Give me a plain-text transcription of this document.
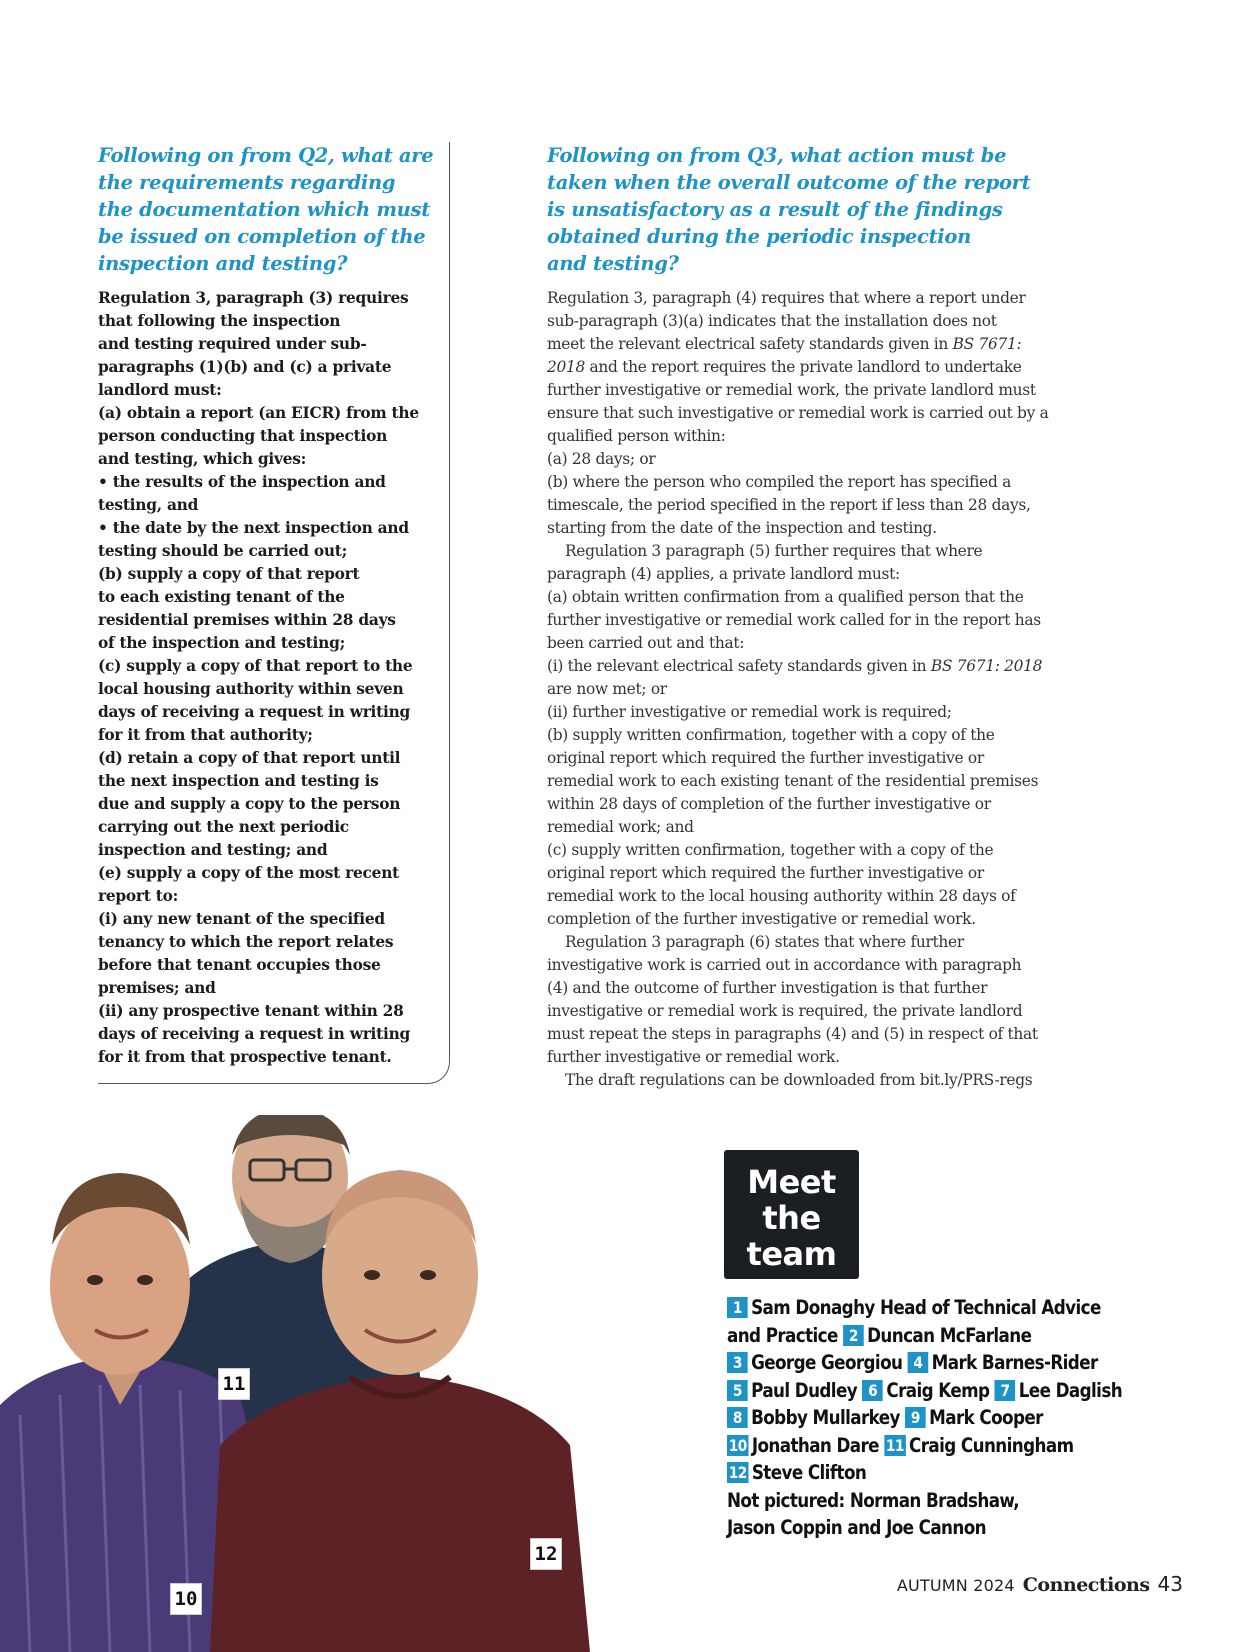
Following on from Q2, what are
the requirements regarding
the documentation which must
be issued on completion of the
inspection and testing?
Regulation 3, paragraph (3) requires
that following the inspection
and testing required under sub-
paragraphs (1)(b) and (c) a private
landlord must:
(a) obtain a report (an EICR) from the
person conducting that inspection
and testing, which gives:
• the results of the inspection and
testing, and
• the date by the next inspection and
testing should be carried out;
(b) supply a copy of that report
to each existing tenant of the
residential premises within 28 days
of the inspection and testing;
(c) supply a copy of that report to the
local housing authority within seven
days of receiving a request in writing
for it from that authority;
(d) retain a copy of that report until
the next inspection and testing is
due and supply a copy to the person
carrying out the next periodic
inspection and testing; and
(e) supply a copy of the most recent
report to:
(i) any new tenant of the specified
tenancy to which the report relates
before that tenant occupies those
premises; and
(ii) any prospective tenant within 28
days of receiving a request in writing
for it from that prospective tenant.
Following on from Q3, what action must be
taken when the overall outcome of the report
is unsatisfactory as a result of the findings
obtained during the periodic inspection
and testing?
Regulation 3, paragraph (4) requires that where a report under
sub-paragraph (3)(a) indicates that the installation does not
meet the relevant electrical safety standards given in BS 7671:
2018 and the report requires the private landlord to undertake
further investigative or remedial work, the private landlord must
ensure that such investigative or remedial work is carried out by a
qualified person within:
(a) 28 days; or
(b) where the person who compiled the report has specified a
timescale, the period specified in the report if less than 28 days,
starting from the date of the inspection and testing.
Regulation 3 paragraph (5) further requires that where
paragraph (4) applies, a private landlord must:
(a) obtain written confirmation from a qualified person that the
further investigative or remedial work called for in the report has
been carried out and that:
(i) the relevant electrical safety standards given in BS 7671: 2018
are now met; or
(ii) further investigative or remedial work is required;
(b) supply written confirmation, together with a copy of the
original report which required the further investigative or
remedial work to each existing tenant of the residential premises
within 28 days of completion of the further investigative or
remedial work; and
(c) supply written confirmation, together with a copy of the
original report which required the further investigative or
remedial work to the local housing authority within 28 days of
completion of the further investigative or remedial work.
Regulation 3 paragraph (6) states that where further
investigative work is carried out in accordance with paragraph
(4) and the outcome of further investigation is that further
investigative or remedial work is required, the private landlord
must repeat the steps in paragraphs (4) and (5) in respect of that
further investigative or remedial work.
The draft regulations can be downloaded from bit.ly/PRS-regs
11
12
10
Meet
the
team
1 Sam Donaghy Head of Technical Advice
and Practice 2 Duncan McFarlane
3 George Georgiou 4 Mark Barnes-Rider
5 Paul Dudley 6 Craig Kemp 7 Lee Daglish
8 Bobby Mullarkey 9 Mark Cooper
10 Jonathan Dare 11 Craig Cunningham
12 Steve Clifton
Not pictured: Norman Bradshaw,
Jason Coppin and Joe Cannon
AUTUMN 2024 Connections 43
